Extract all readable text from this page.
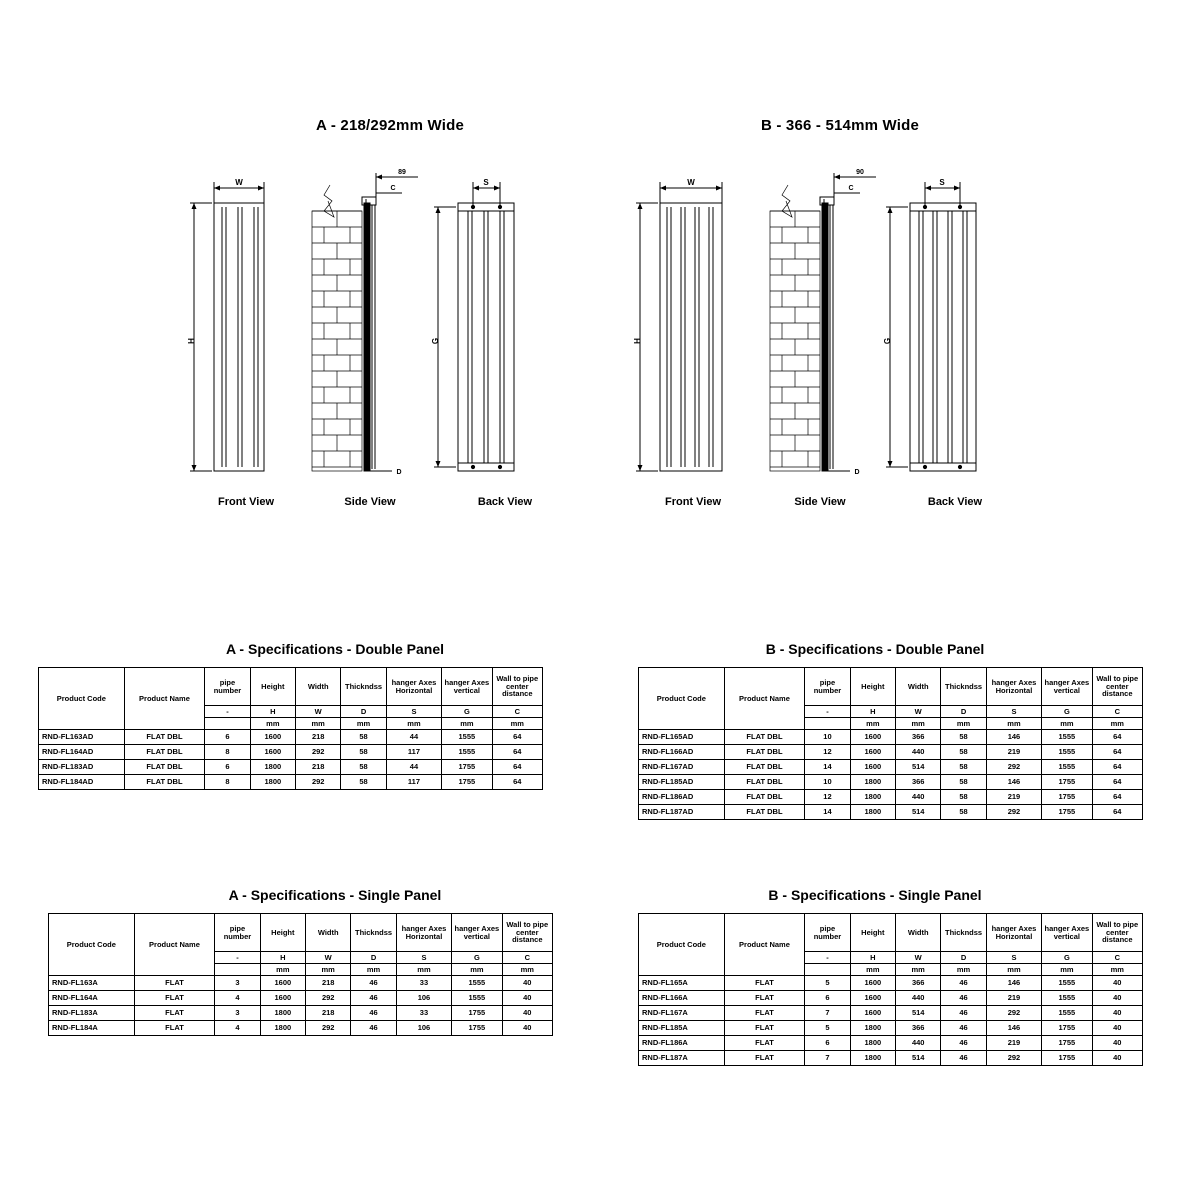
A - 218/292mm Wide	B - 366 - 514mm Wide
H
W
89
C
D
S
G
Front View	Side View	Back View
H
W
90
C
D
S
G
Front View	Side View	Back View
A - Specifications - Double Panel	B - Specifications - Double Panel
A - Specifications - Single Panel	B - Specifications - Single Panel
Product Code	Product Name	pipe number	Height	Width	Thickndss	hanger Axes Horizontal	hanger Axes vertical	Wall to pipe center distance
		-	H	W	D	S	G	C
			mm	mm	mm	mm	mm	mm
RND-FL163AD	FLAT DBL	6	1600	218	58	44	1555	64
RND-FL164AD	FLAT DBL	8	1600	292	58	117	1555	64
RND-FL183AD	FLAT DBL	6	1800	218	58	44	1755	64
RND-FL184AD	FLAT DBL	8	1800	292	58	117	1755	64
Product Code	Product Name	pipe number	Height	Width	Thickndss	hanger Axes Horizontal	hanger Axes vertical	Wall to pipe center distance
		-	H	W	D	S	G	C
			mm	mm	mm	mm	mm	mm
RND-FL165AD	FLAT DBL	10	1600	366	58	146	1555	64
RND-FL166AD	FLAT DBL	12	1600	440	58	219	1555	64
RND-FL167AD	FLAT DBL	14	1600	514	58	292	1555	64
RND-FL185AD	FLAT DBL	10	1800	366	58	146	1755	64
RND-FL186AD	FLAT DBL	12	1800	440	58	219	1755	64
RND-FL187AD	FLAT DBL	14	1800	514	58	292	1755	64
Product Code	Product Name	pipe number	Height	Width	Thickndss	hanger Axes Horizontal	hanger Axes vertical	Wall to pipe center distance
		-	H	W	D	S	G	C
			mm	mm	mm	mm	mm	mm
RND-FL163A	FLAT	3	1600	218	46	33	1555	40
RND-FL164A	FLAT	4	1600	292	46	106	1555	40
RND-FL183A	FLAT	3	1800	218	46	33	1755	40
RND-FL184A	FLAT	4	1800	292	46	106	1755	40
Product Code	Product Name	pipe number	Height	Width	Thickndss	hanger Axes Horizontal	hanger Axes vertical	Wall to pipe center distance
		-	H	W	D	S	G	C
			mm	mm	mm	mm	mm	mm
RND-FL165A	FLAT	5	1600	366	46	146	1555	40
RND-FL166A	FLAT	6	1600	440	46	219	1555	40
RND-FL167A	FLAT	7	1600	514	46	292	1555	40
RND-FL185A	FLAT	5	1800	366	46	146	1755	40
RND-FL186A	FLAT	6	1800	440	46	219	1755	40
RND-FL187A	FLAT	7	1800	514	46	292	1755	40
